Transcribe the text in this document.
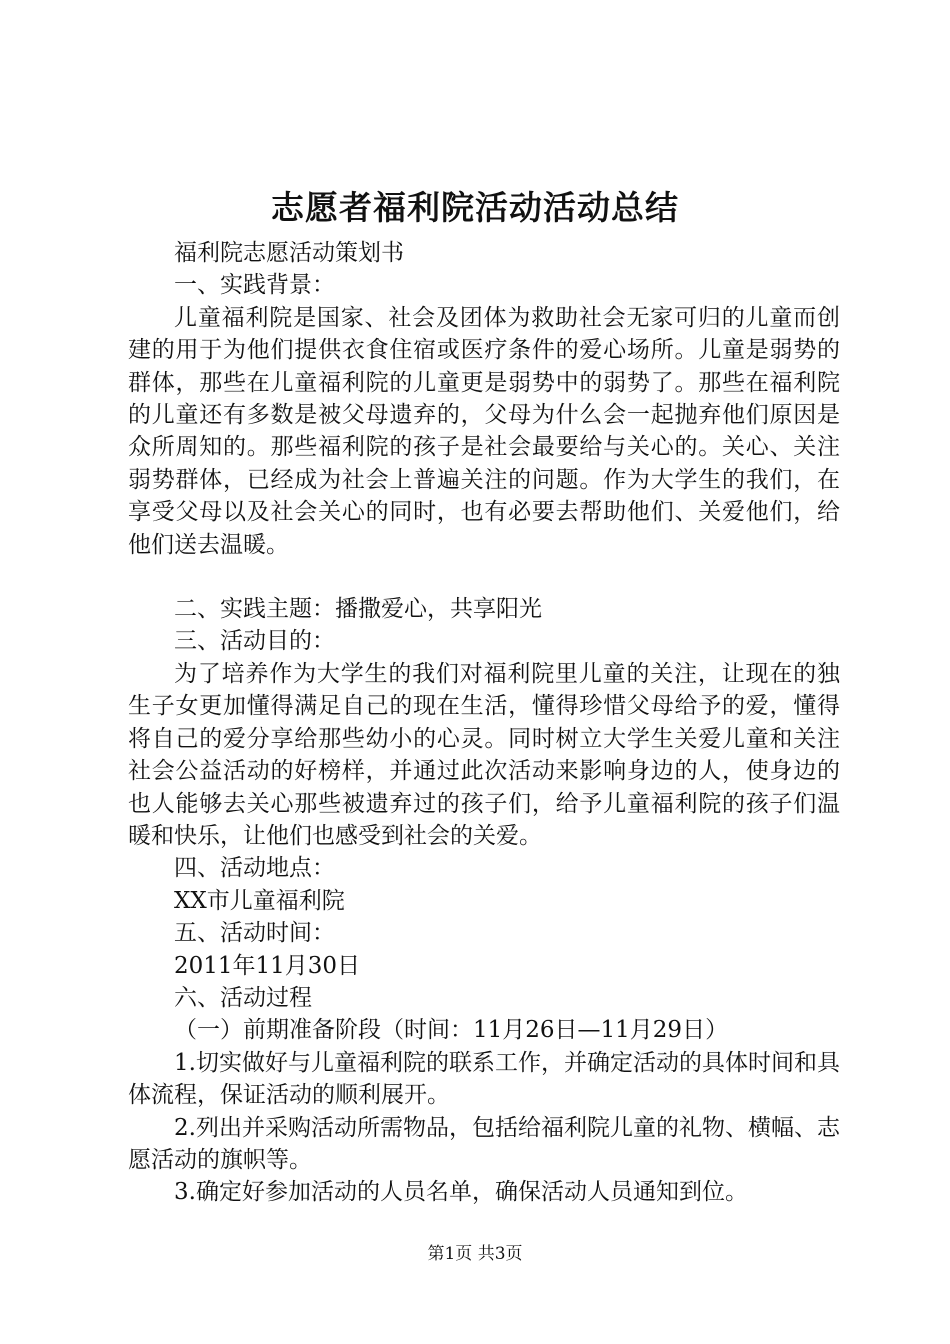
志愿者福利院活动活动总结

福利院志愿活动策划书

一、实践背景：

儿童福利院是国家、社会及团体为救助社会无家可归的儿童而创建的用于为他们提供衣食住宿或医疗条件的爱心场所。儿童是弱势的群体，那些在儿童福利院的儿童更是弱势中的弱势了。那些在福利院的儿童还有多数是被父母遗弃的，父母为什么会一起抛弃他们原因是众所周知的。那些福利院的孩子是社会最要给与关心的。关心、关注弱势群体，已经成为社会上普遍关注的问题。作为大学生的我们，在享受父母以及社会关心的同时，也有必要去帮助他们、关爱他们，给他们送去温暖。

二、实践主题：播撒爱心，共享阳光

三、活动目的：

为了培养作为大学生的我们对福利院里儿童的关注，让现在的独生子女更加懂得满足自己的现在生活，懂得珍惜父母给予的爱，懂得将自己的爱分享给那些幼小的心灵。同时树立大学生关爱儿童和关注社会公益活动的好榜样，并通过此次活动来影响身边的人，使身边的也人能够去关心那些被遗弃过的孩子们，给予儿童福利院的孩子们温暖和快乐，让他们也感受到社会的关爱。

四、活动地点：

XX市儿童福利院

五、活动时间：

2011年11月30日

六、活动过程

（一）前期准备阶段（时间：11月26日—11月29日）

1.切实做好与儿童福利院的联系工作，并确定活动的具体时间和具体流程，保证活动的顺利展开。

2.列出并采购活动所需物品，包括给福利院儿童的礼物、横幅、志愿活动的旗帜等。

3.确定好参加活动的人员名单，确保活动人员通知到位。

第1页 共3页
